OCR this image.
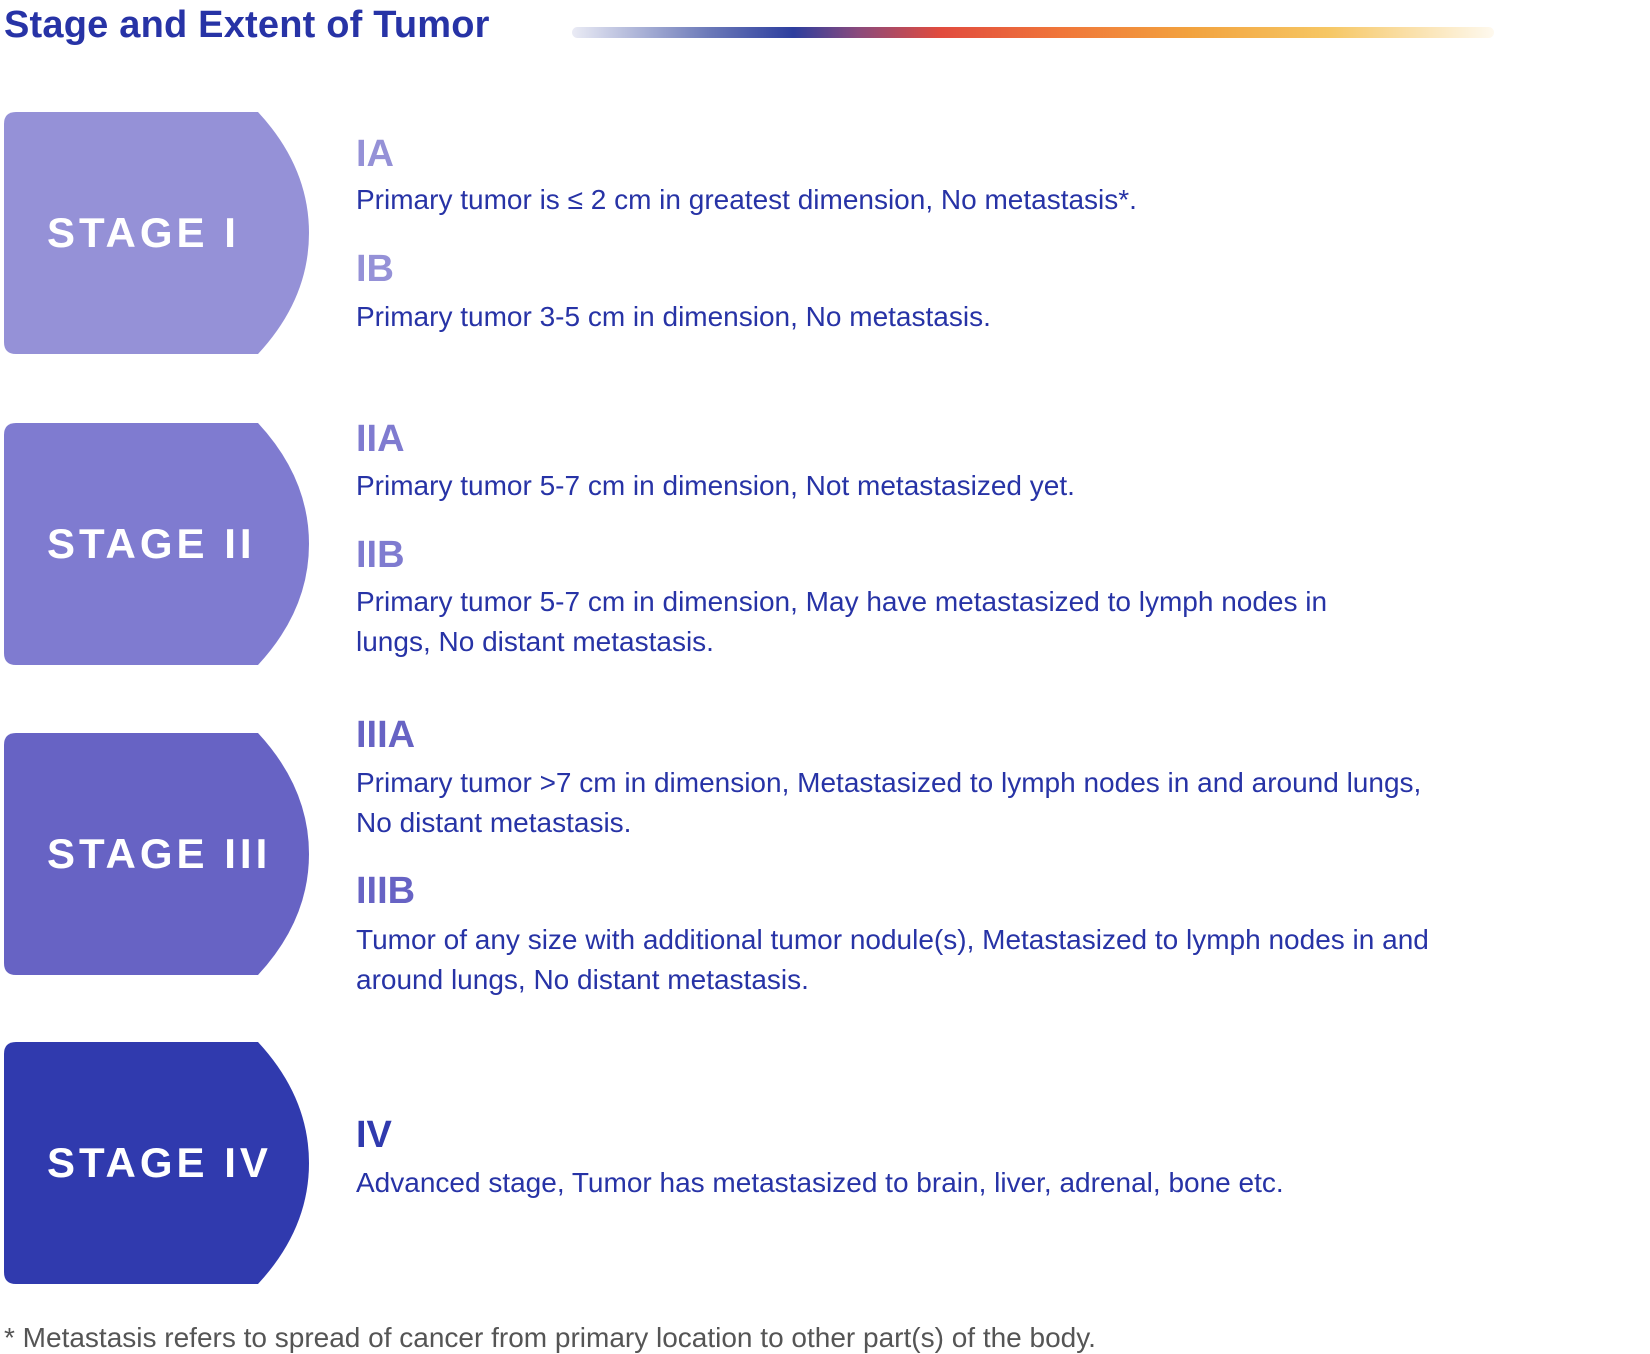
Stage and Extent of Tumor
STAGE I
IA
Primary tumor is ≤ 2 cm in greatest dimension, No metastasis*.
IB
Primary tumor 3-5 cm in dimension, No metastasis.
STAGE II
IIA
Primary tumor 5-7 cm in dimension, Not metastasized yet.
IIB
Primary tumor 5-7 cm in dimension, May have metastasized to lymph nodes in lungs, No distant metastasis.
STAGE III
IIIA
Primary tumor >7 cm in dimension, Metastasized to lymph nodes in and around lungs, No distant metastasis.
IIIB
Tumor of any size with additional tumor nodule(s), Metastasized to lymph nodes in and around lungs, No distant metastasis.
STAGE IV
IV
Advanced stage, Tumor has metastasized to brain, liver, adrenal, bone etc.
* Metastasis refers to spread of cancer from primary location to other part(s) of the body.
